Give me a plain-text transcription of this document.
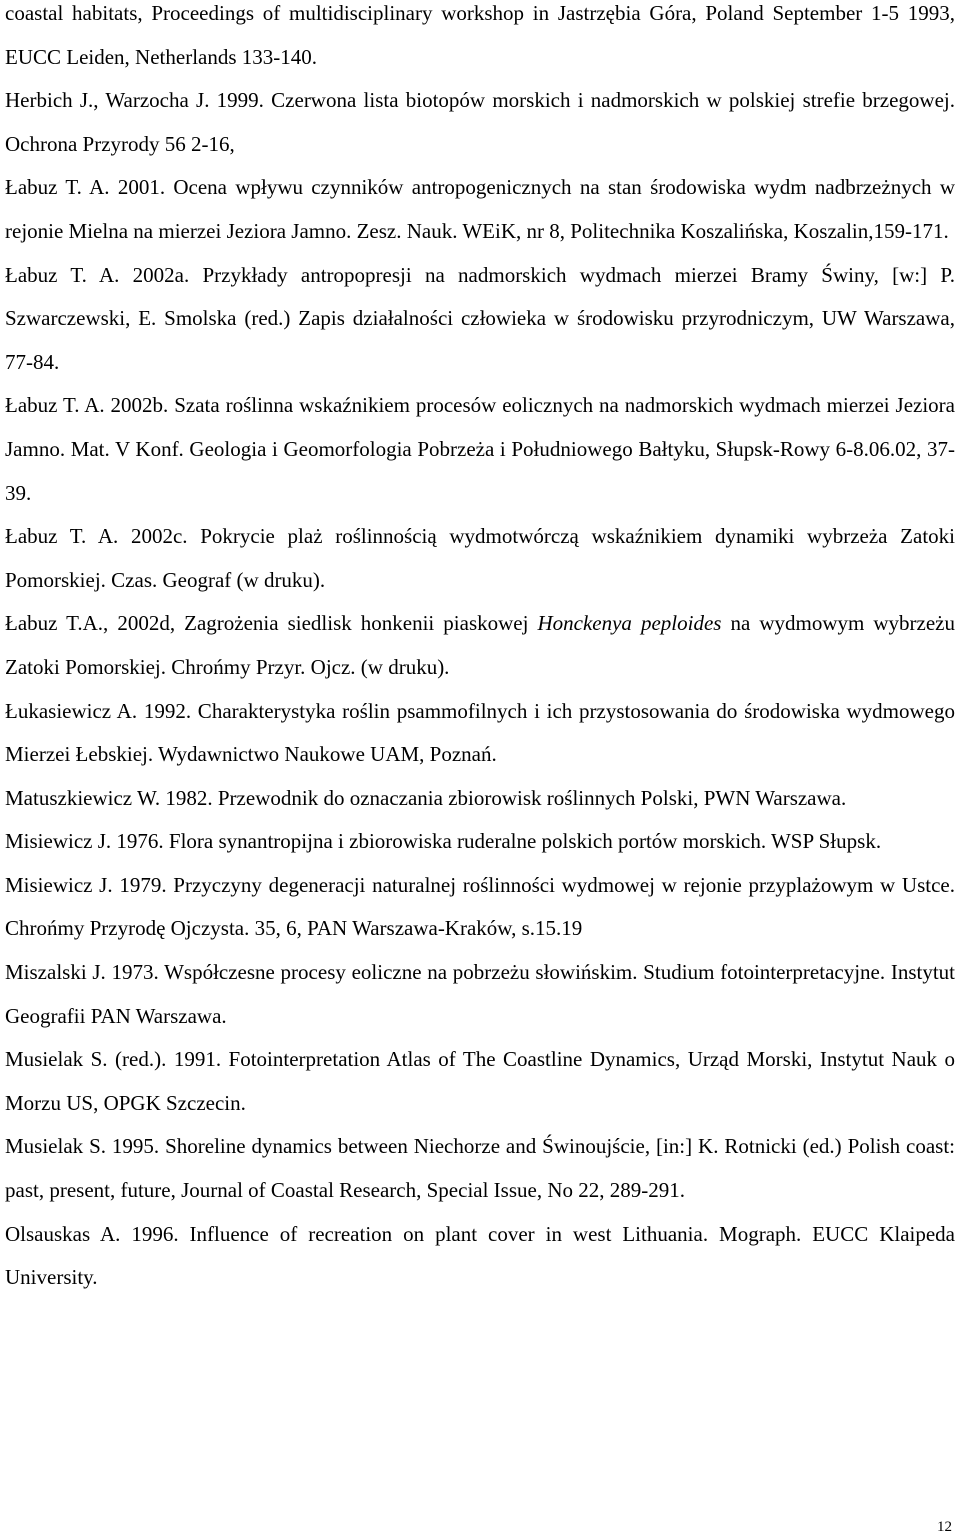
coastal habitats, Proceedings of multidisciplinary workshop in Jastrzębia Góra, Poland September 1-5 1993, EUCC Leiden, Netherlands 133-140.

Herbich J., Warzocha J. 1999. Czerwona lista biotopów morskich i nadmorskich w polskiej strefie brzegowej. Ochrona Przyrody 56 2-16,

Łabuz T. A. 2001. Ocena wpływu czynników antropogenicznych na stan środowiska wydm nadbrzeżnych w rejonie Mielna na mierzei Jeziora Jamno. Zesz. Nauk. WEiK, nr 8, Politechnika Koszalińska, Koszalin,159-171.

Łabuz T. A. 2002a. Przykłady antropopresji na nadmorskich wydmach mierzei Bramy Świny, [w:] P. Szwarczewski, E. Smolska (red.) Zapis działalności człowieka w środowisku przyrodniczym, UW Warszawa, 77-84.

Łabuz T. A. 2002b. Szata roślinna wskaźnikiem procesów eolicznych na nadmorskich wydmach mierzei Jeziora Jamno. Mat. V Konf. Geologia i Geomorfologia Pobrzeża i Południowego Bałtyku, Słupsk-Rowy 6-8.06.02, 37-39.

Łabuz T. A. 2002c. Pokrycie plaż roślinnością wydmotwórczą wskaźnikiem dynamiki wybrzeża Zatoki Pomorskiej. Czas. Geograf (w druku).

Łabuz T.A., 2002d, Zagrożenia siedlisk honkenii piaskowej Honckenya peploides na wydmowym wybrzeżu Zatoki Pomorskiej. Chrońmy Przyr. Ojcz. (w druku).

Łukasiewicz A. 1992. Charakterystyka roślin psammofilnych i ich przystosowania do środowiska wydmowego Mierzei Łebskiej. Wydawnictwo Naukowe UAM, Poznań.

Matuszkiewicz W. 1982. Przewodnik do oznaczania zbiorowisk roślinnych Polski, PWN Warszawa.

Misiewicz J. 1976. Flora synantropijna i zbiorowiska ruderalne polskich portów morskich. WSP Słupsk.

Misiewicz J. 1979. Przyczyny degeneracji naturalnej roślinności wydmowej w rejonie przyplażowym w Ustce. Chrońmy Przyrodę Ojczysta. 35, 6, PAN Warszawa-Kraków, s.15.19

Miszalski J. 1973. Współczesne procesy eoliczne na pobrzeżu słowińskim. Studium fotointerpretacyjne. Instytut Geografii PAN Warszawa.

Musielak S. (red.). 1991. Fotointerpretation Atlas of The Coastline Dynamics, Urząd Morski, Instytut Nauk o Morzu US, OPGK Szczecin.

Musielak S. 1995. Shoreline dynamics between Niechorze and Świnoujście, [in:] K. Rotnicki (ed.) Polish coast: past, present, future, Journal of Coastal Research, Special Issue, No 22, 289-291.

Olsauskas A. 1996. Influence of recreation on plant cover in west Lithuania. Mograph. EUCC Klaipeda University.

12
